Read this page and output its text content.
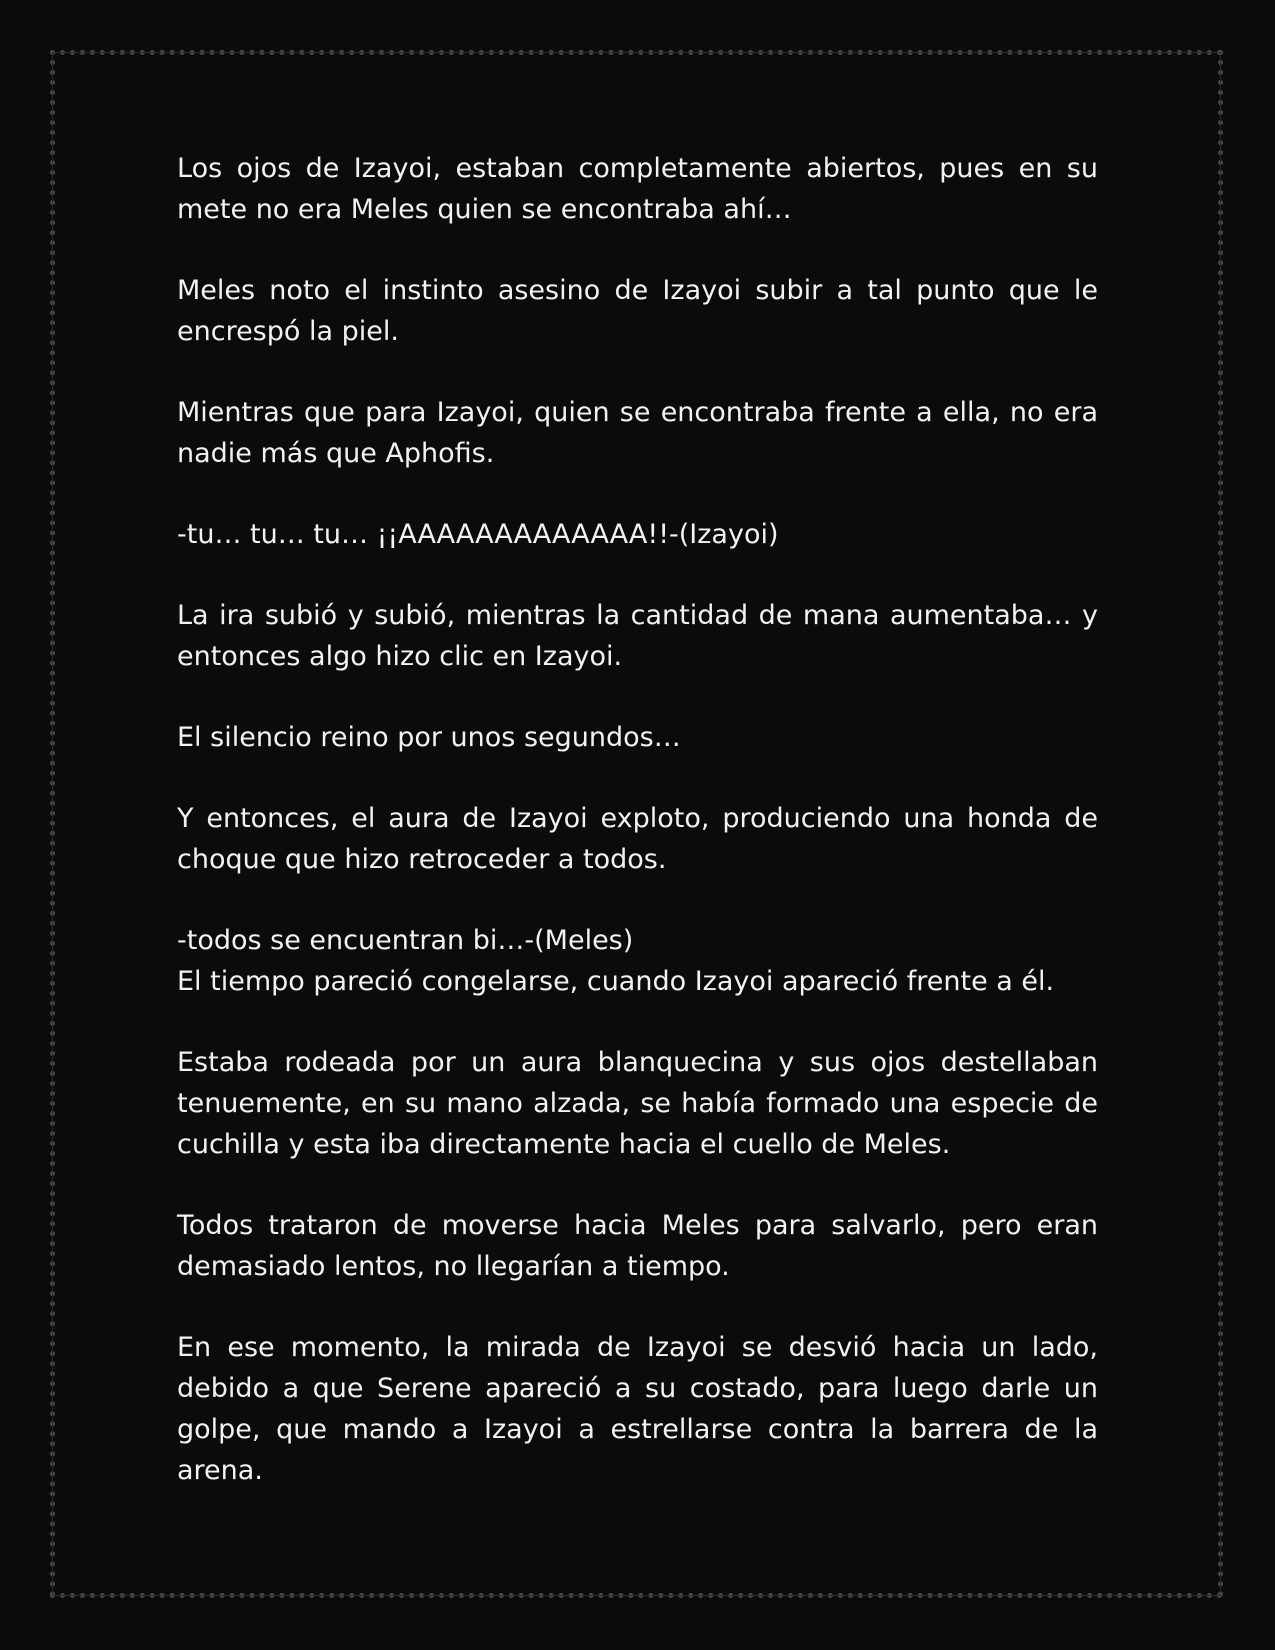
Los ojos de Izayoi, estaban completamente abiertos, pues en su mete no era Meles quien se encontraba ahí…

Meles noto el instinto asesino de Izayoi subir a tal punto que le encrespó la piel.

Mientras que para Izayoi, quien se encontraba frente a ella, no era nadie más que Aphofis.

-tu… tu… tu… ¡¡AAAAAAAAAAAAA!!-(Izayoi)

La ira subió y subió, mientras la cantidad de mana aumentaba… y entonces algo hizo clic en Izayoi.

El silencio reino por unos segundos…

Y entonces, el aura de Izayoi exploto, produciendo una honda de choque que hizo retroceder a todos.

-todos se encuentran bi…-(Meles)
El tiempo pareció congelarse, cuando Izayoi apareció frente a él.

Estaba rodeada por un aura blanquecina y sus ojos destellaban tenuemente, en su mano alzada, se había formado una especie de cuchilla y esta iba directamente hacia el cuello de Meles.

Todos trataron de moverse hacia Meles para salvarlo, pero eran demasiado lentos, no llegarían a tiempo.

En ese momento, la mirada de Izayoi se desvió hacia un lado, debido a que Serene apareció a su costado, para luego darle un golpe, que mando a Izayoi a estrellarse contra la barrera de la arena.
